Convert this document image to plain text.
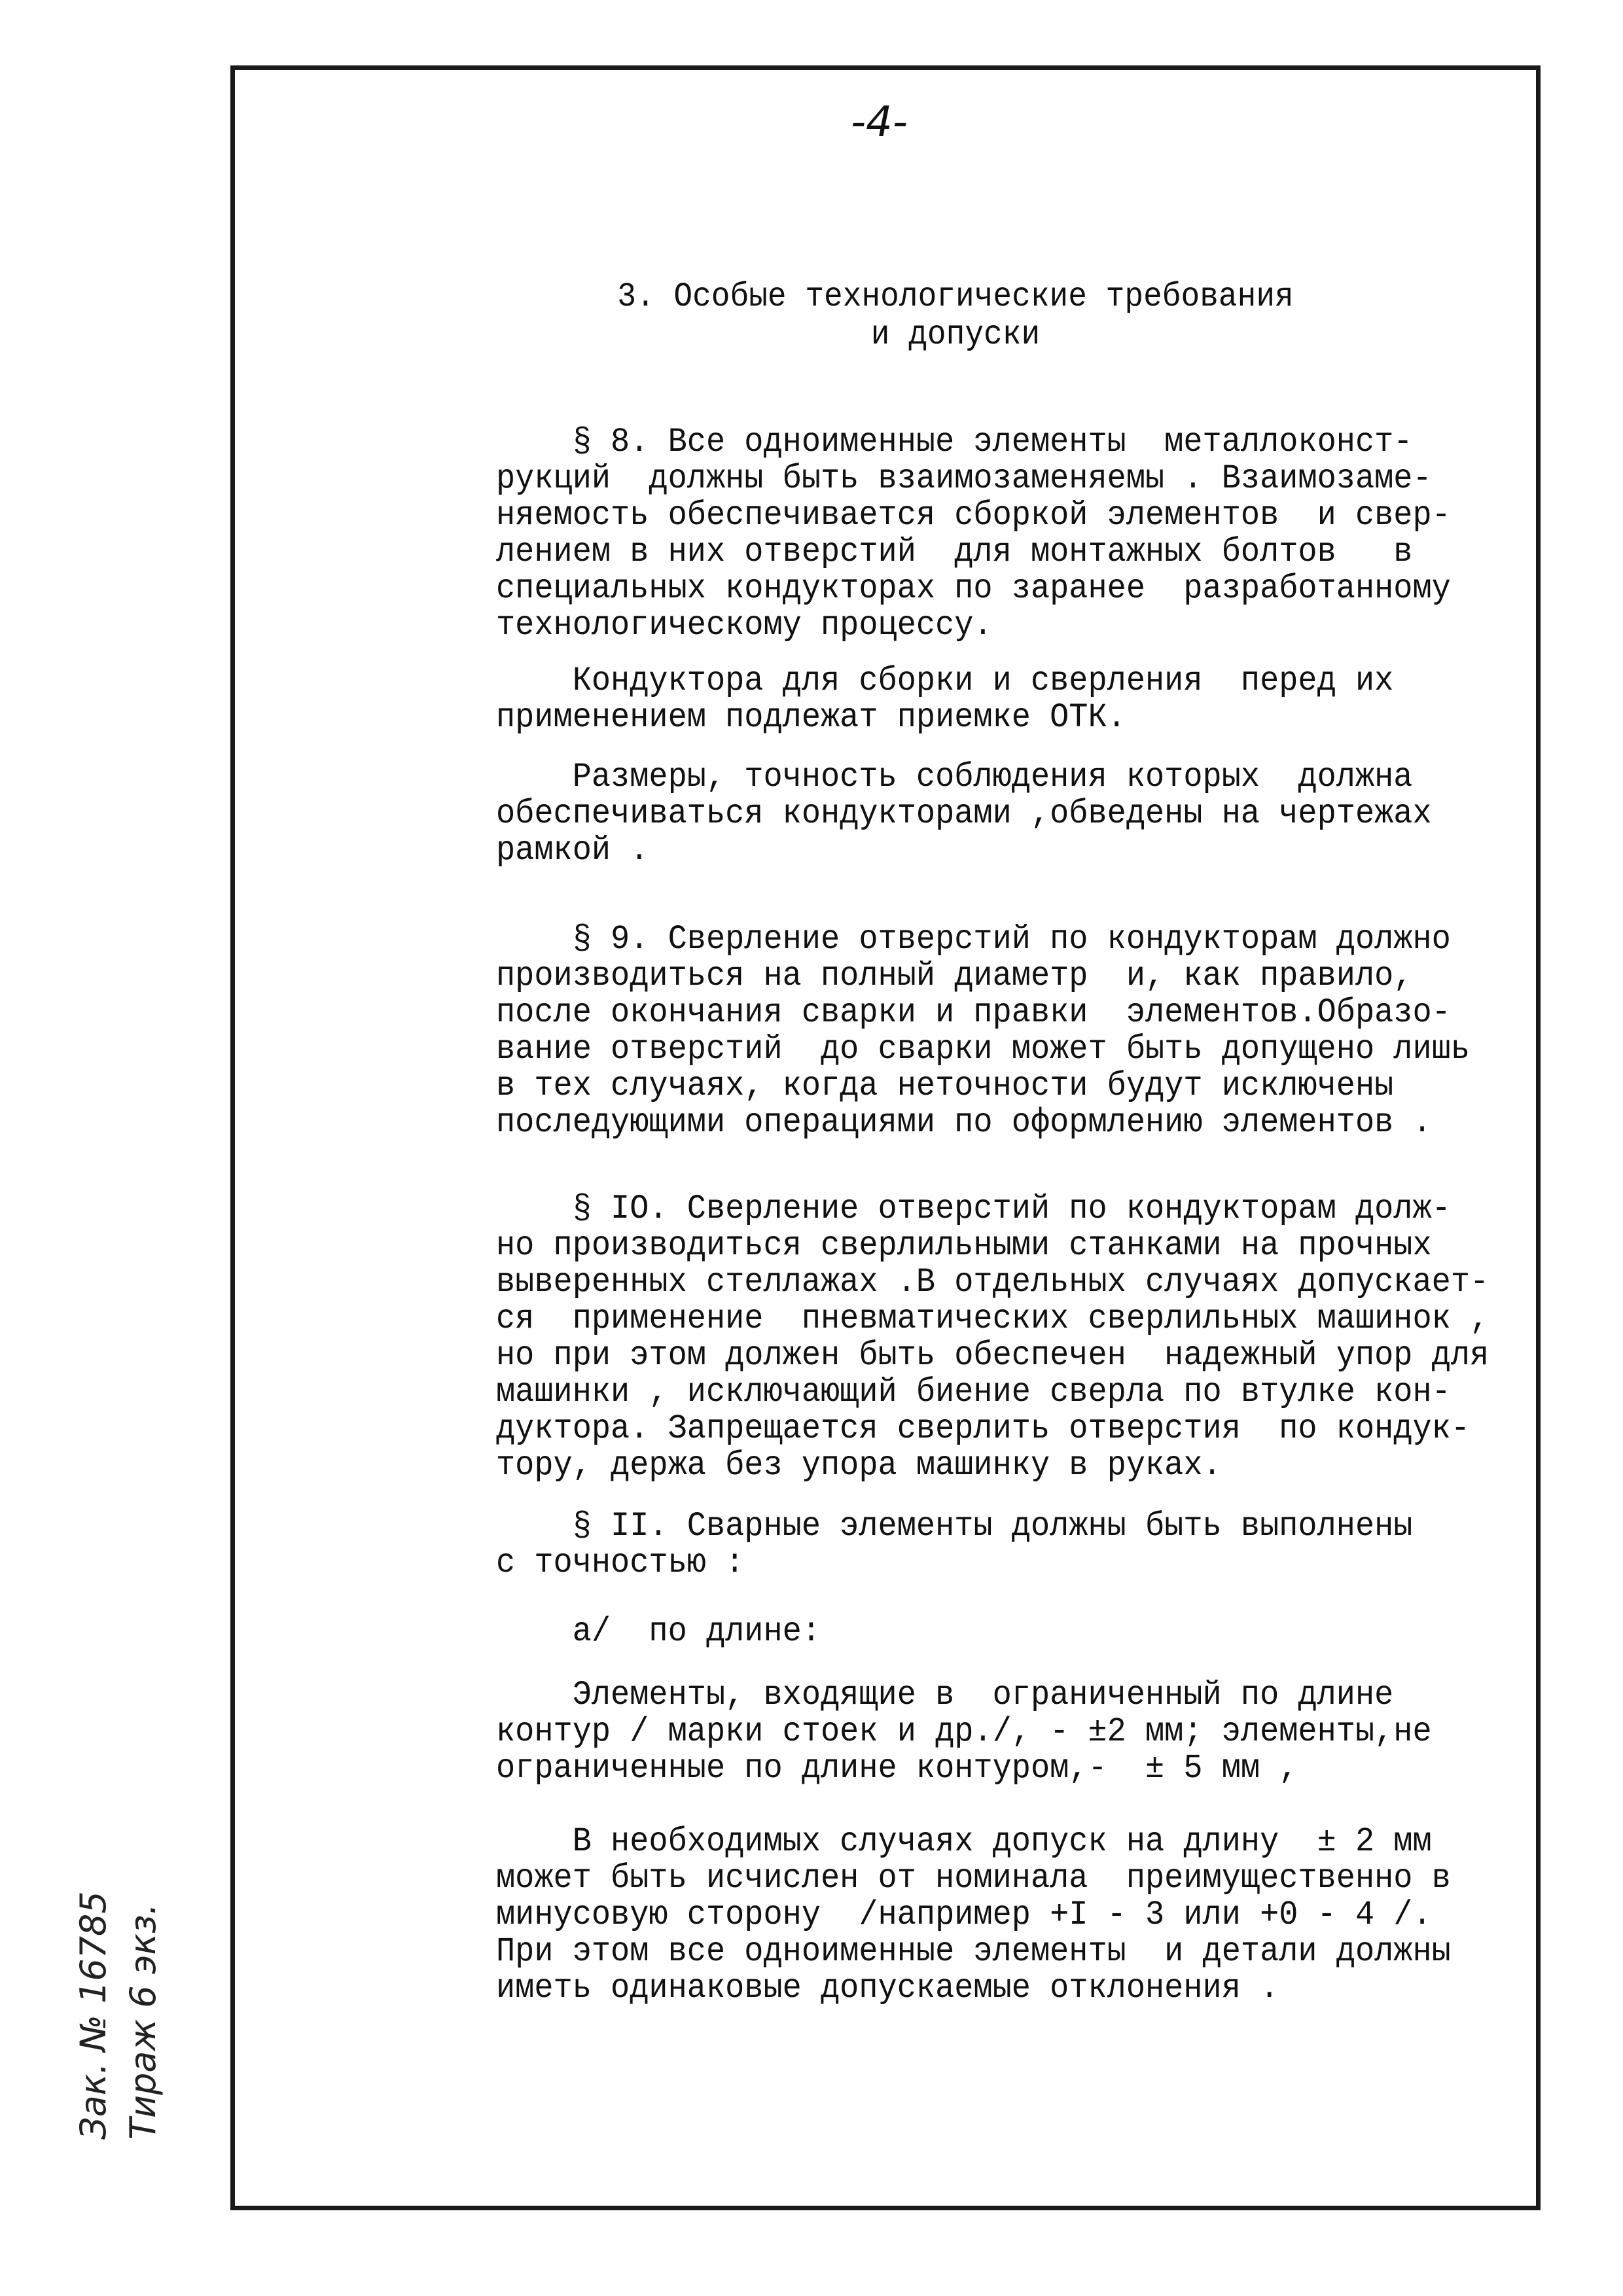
-4-
3. Особые технологические требования
и допуски
§ 8. Все одноименные элементы  металлоконст-
рукций  должны быть взаимозаменяемы . Взаимозаме-
няемость обеспечивается сборкой элементов  и свер-
лением в них отверстий  для монтажных болтов   в
специальных кондукторах по заранее  разработанному
технологическому процессу.
Кондуктора для сборки и сверления  перед их
применением подлежат приемке ОТК.
Размеры, точность соблюдения которых  должна
обеспечиваться кондукторами ,обведены на чертежах
рамкой .
§ 9. Сверление отверстий по кондукторам должно
производиться на полный диаметр  и, как правило,
после окончания сварки и правки  элементов.Образо-
вание отверстий  до сварки может быть допущено лишь
в тех случаях, когда неточности будут исключены
последующими операциями по оформлению элементов .
§ IO. Сверление отверстий по кондукторам долж-
но производиться сверлильными станками на прочных
выверенных стеллажах .В отдельных случаях допускает-
ся  применение  пневматических сверлильных машинок ,
но при этом должен быть обеспечен  надежный упор для
машинки , исключающий биение сверла по втулке кон-
дуктора. Запрещается сверлить отверстия  по кондук-
тору, держа без упора машинку в руках.
§ II. Сварные элементы должны быть выполнены
с точностью :
а/  по длине:
Элементы, входящие в  ограниченный по длине
контур / марки стоек и др./, - ±2 мм; элементы,не
ограниченные по длине контуром,-  ± 5 мм ,
В необходимых случаях допуск на длину  ± 2 мм
может быть исчислен от номинала  преимущественно в
минусовую сторону  /например +I - 3 или +0 - 4 /.
При этом все одноименные элементы  и детали должны
иметь одинаковые допускаемые отклонения .
Зак. № 16785 Тираж 6 экз.
